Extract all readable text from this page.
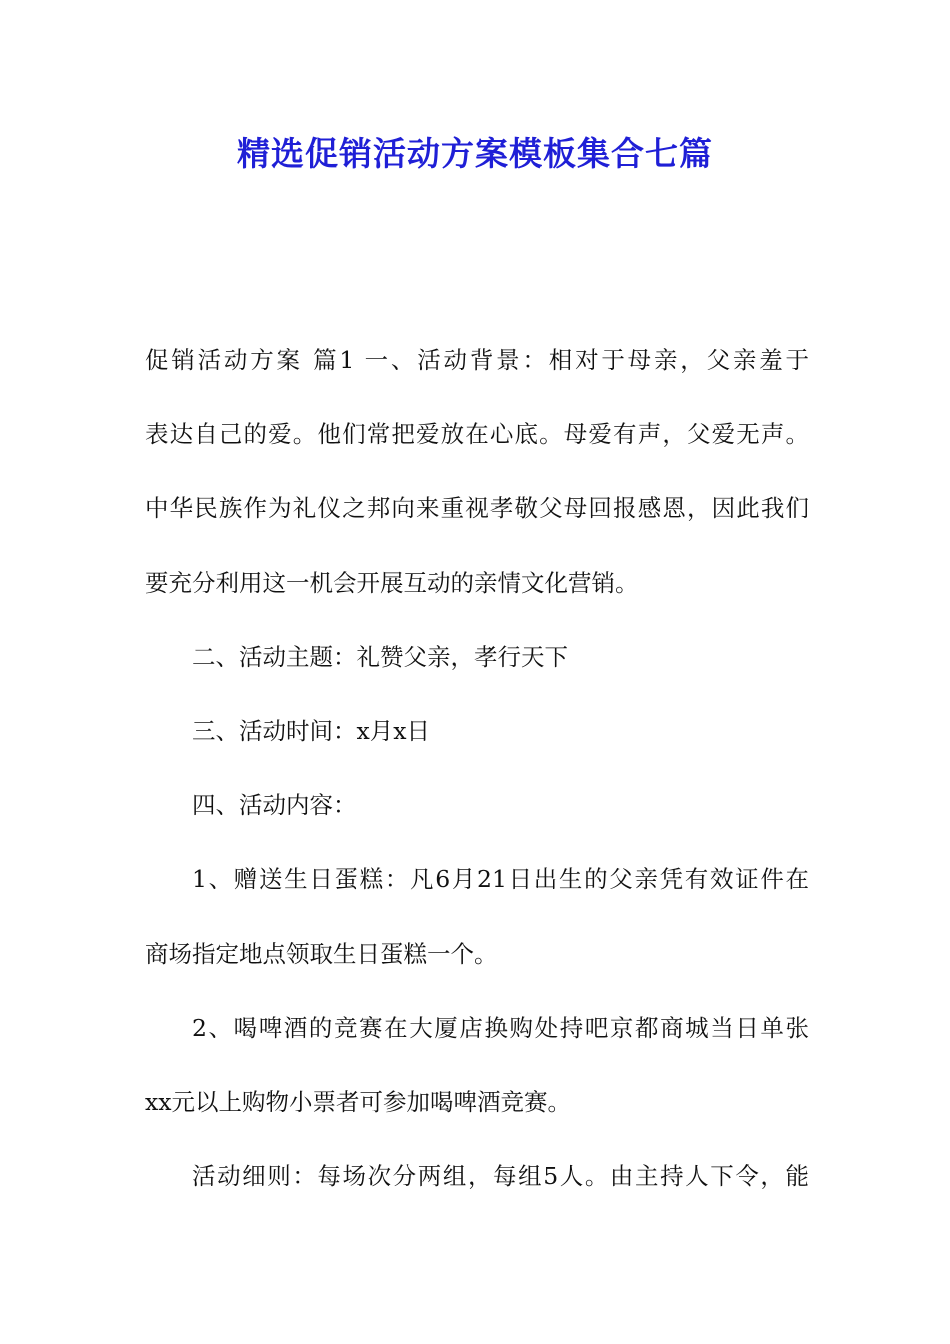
精选促销活动方案模板集合七篇

促销活动方案 篇1 一、活动背景：相对于母亲，父亲羞于

表达自己的爱。他们常把爱放在心底。母爱有声，父爱无声。

中华民族作为礼仪之邦向来重视孝敬父母回报感恩，因此我们

要充分利用这一机会开展互动的亲情文化营销。

二、活动主题：礼赞父亲，孝行天下

三、活动时间：x月x日

四、活动内容：

1、赠送生日蛋糕：凡6月21日出生的父亲凭有效证件在

商场指定地点领取生日蛋糕一个。

2、喝啤酒的竞赛在大厦店换购处持吧京都商城当日单张

xx元以上购物小票者可参加喝啤酒竞赛。

活动细则：每场次分两组，每组5人。由主持人下令，能
